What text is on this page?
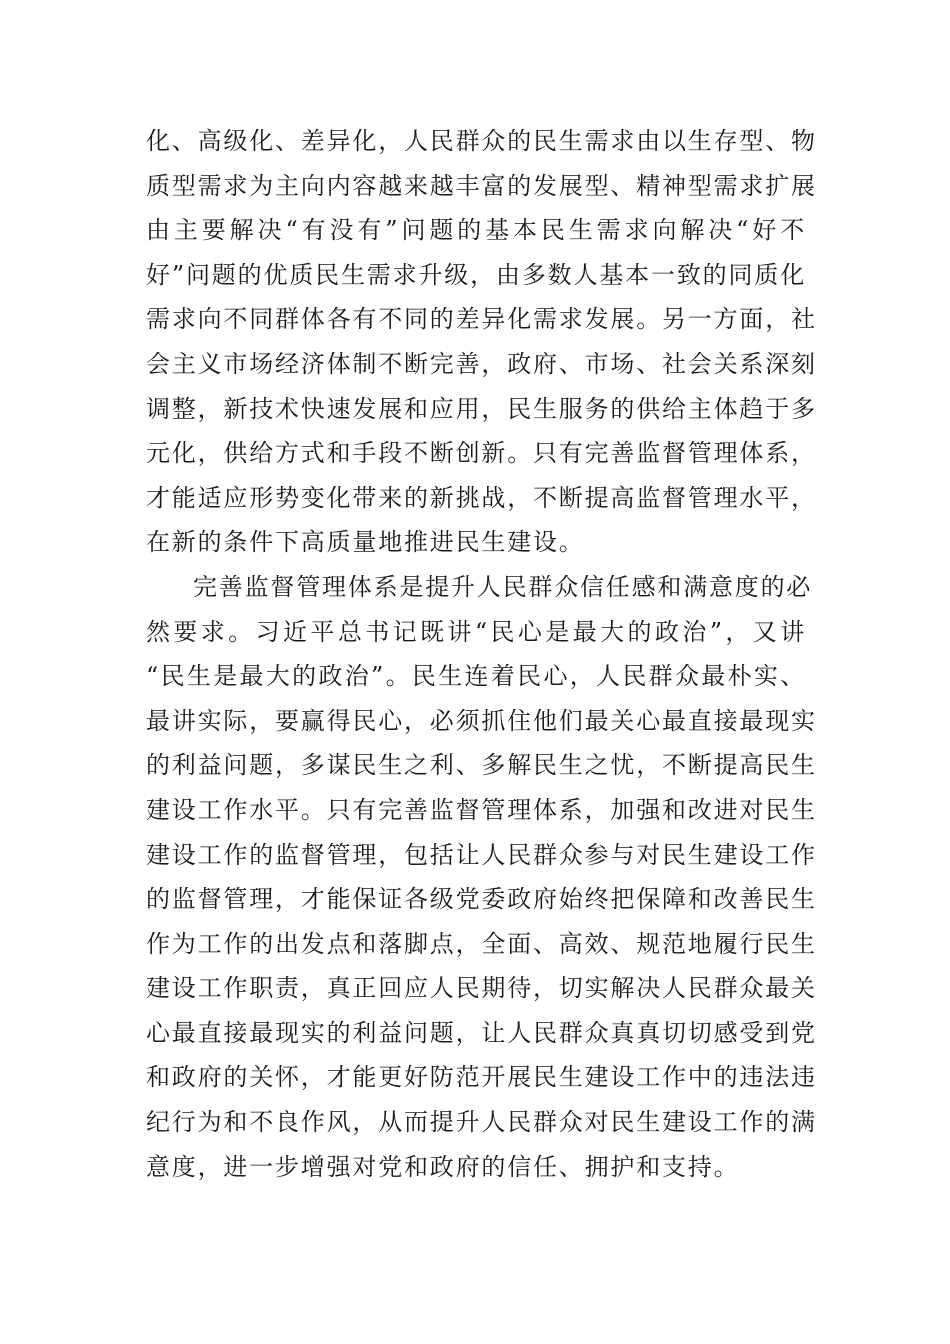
化、高级化、差异化，人民群众的民生需求由以生存型、物
质型需求为主向内容越来越丰富的发展型、精神型需求扩展
由主要解决“有没有”问题的基本民生需求向解决“好不
好”问题的优质民生需求升级，由多数人基本一致的同质化
需求向不同群体各有不同的差异化需求发展。另一方面，社
会主义市场经济体制不断完善，政府、市场、社会关系深刻
调整，新技术快速发展和应用，民生服务的供给主体趋于多
元化，供给方式和手段不断创新。只有完善监督管理体系，
才能适应形势变化带来的新挑战，不断提高监督管理水平，
在新的条件下高质量地推进民生建设。
完善监督管理体系是提升人民群众信任感和满意度的必
然要求。习近平总书记既讲“民心是最大的政治”，又讲
“民生是最大的政治”。民生连着民心，人民群众最朴实、
最讲实际，要赢得民心，必须抓住他们最关心最直接最现实
的利益问题，多谋民生之利、多解民生之忧，不断提高民生
建设工作水平。只有完善监督管理体系，加强和改进对民生
建设工作的监督管理，包括让人民群众参与对民生建设工作
的监督管理，才能保证各级党委政府始终把保障和改善民生
作为工作的出发点和落脚点，全面、高效、规范地履行民生
建设工作职责，真正回应人民期待，切实解决人民群众最关
心最直接最现实的利益问题，让人民群众真真切切感受到党
和政府的关怀，才能更好防范开展民生建设工作中的违法违
纪行为和不良作风，从而提升人民群众对民生建设工作的满
意度，进一步增强对党和政府的信任、拥护和支持。
